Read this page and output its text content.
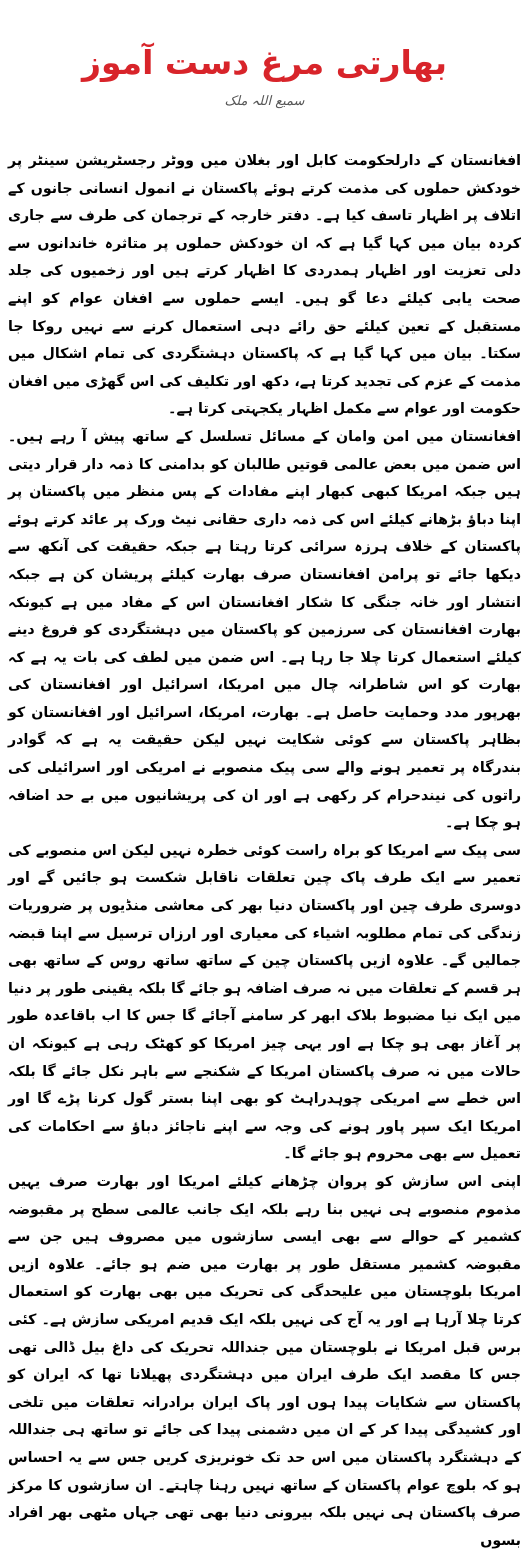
بھارتی مرغ دست آموز
سمیع اللہ ملک

افغانستان کے دارلحکومت کابل اور بغلان میں ووٹر رجسٹریشن سینٹر پر خودکش حملوں کی مذمت کرتے ہوئے پاکستان نے انمول انسانی جانوں کے اتلاف پر اظہار تاسف کیا ہے۔ دفتر خارجہ کے ترجمان کی طرف سے جاری کردہ بیان میں کہا گیا ہے کہ ان خودکش حملوں پر متاثرہ خاندانوں سے دلی تعزیت اور اظہار ہمدردی کا اظہار کرتے ہیں اور زخمیوں کی جلد صحت یابی کیلئے دعا گو ہیں۔ ایسے حملوں سے افغان عوام کو اپنے مستقبل کے تعین کیلئے حق رائے دہی استعمال کرنے سے نہیں روکا جا سکتا۔ بیان میں کہا گیا ہے کہ پاکستان دہشتگردی کی تمام اشکال میں مذمت کے عزم کی تجدید کرتا ہے، دکھ اور تکلیف کی اس گھڑی میں افغان حکومت اور عوام سے مکمل اظہار یکجہتی کرتا ہے۔

افغانستان میں امن وامان کے مسائل تسلسل کے ساتھ پیش آ رہے ہیں۔ اس ضمن میں بعض عالمی قوتیں طالبان کو بدامنی کا ذمہ دار قرار دیتی ہیں جبکہ امریکا کبھی کبھار اپنے مفادات کے پس منظر میں پاکستان پر اپنا دباؤ بڑھانے کیلئے اس کی ذمہ داری حقانی نیٹ ورک پر عائد کرتے ہوئے پاکستان کے خلاف ہرزہ سرائی کرتا رہتا ہے جبکہ حقیقت کی آنکھ سے دیکھا جائے تو پرامن افغانستان صرف بھارت کیلئے پریشان کن ہے جبکہ انتشار اور خانہ جنگی کا شکار افغانستان اس کے مفاد میں ہے کیونکہ بھارت افغانستان کی سرزمین کو پاکستان میں دہشتگردی کو فروغ دینے کیلئے استعمال کرتا چلا جا رہا ہے۔ اس ضمن میں لطف کی بات یہ ہے کہ بھارت کو اس شاطرانہ چال میں امریکا، اسرائیل اور افغانستان کی بھرپور مدد وحمایت حاصل ہے۔ بھارت، امریکا، اسرائیل اور افغانستان کو بظاہر پاکستان سے کوئی شکایت نہیں لیکن حقیقت یہ ہے کہ گوادر بندرگاہ پر تعمیر ہونے والے سی پیک منصوبے نے امریکی اور اسرائیلی کی راتوں کی نیندحرام کر رکھی ہے اور ان کی پریشانیوں میں بے حد اضافہ ہو چکا ہے۔

سی پیک سے امریکا کو براہ راست کوئی خطرہ نہیں لیکن اس منصوبے کی تعمیر سے ایک طرف پاک چین تعلقات ناقابل شکست ہو جائیں گے اور دوسری طرف چین اور پاکستان دنیا بھر کی معاشی منڈیوں پر ضروریات زندگی کی تمام مطلوبہ اشیاء کی معیاری اور ارزاں ترسیل سے اپنا قبضہ جمالیں گے۔ علاوہ ازیں پاکستان چین کے ساتھ ساتھ روس کے ساتھ بھی ہر قسم کے تعلقات میں نہ صرف اضافہ ہو جائے گا بلکہ یقینی طور پر دنیا میں ایک نیا مضبوط بلاک ابھر کر سامنے آجائے گا جس کا اب باقاعدہ طور پر آغاز بھی ہو چکا ہے اور یہی چیز امریکا کو کھٹک رہی ہے کیونکہ ان حالات میں نہ صرف پاکستان امریکا کے شکنجے سے باہر نکل جائے گا بلکہ اس خطے سے امریکی چوہدراہٹ کو بھی اپنا بستر گول کرنا پڑے گا اور امریکا ایک سپر پاور ہونے کی وجہ سے اپنے ناجائز دباؤ سے احکامات کی تعمیل سے بھی محروم ہو جائے گا۔

اپنی اس سازش کو پروان چڑھانے کیلئے امریکا اور بھارت صرف یہیں مذموم منصوبے ہی نہیں بنا رہے بلکہ ایک جانب عالمی سطح پر مقبوضہ کشمیر کے حوالے سے بھی ایسی سازشوں میں مصروف ہیں جن سے مقبوضہ کشمیر مستقل طور پر بھارت میں ضم ہو جائے۔ علاوہ ازیں امریکا بلوچستان میں علیحدگی کی تحریک میں بھی بھارت کو استعمال کرتا چلا آرہا ہے اور یہ آج کی نہیں بلکہ ایک قدیم امریکی سازش ہے۔ کئی برس قبل امریکا نے بلوچستان میں جنداللہ تحریک کی داغ بیل ڈالی تھی جس کا مقصد ایک طرف ایران میں دہشتگردی پھیلانا تھا کہ ایران کو پاکستان سے شکایات پیدا ہوں اور پاک ایران برادرانہ تعلقات میں تلخی اور کشیدگی پیدا کر کے ان میں دشمنی پیدا کی جائے تو ساتھ ہی جنداللہ کے دہشتگرد پاکستان میں اس حد تک خونریزی کریں جس سے یہ احساس ہو کہ بلوچ عوام پاکستان کے ساتھ نہیں رہنا چاہتے۔ ان سازشوں کا مرکز صرف پاکستان ہی نہیں بلکہ بیرونی دنیا بھی تھی جہاں مٹھی بھر افراد بسوں
